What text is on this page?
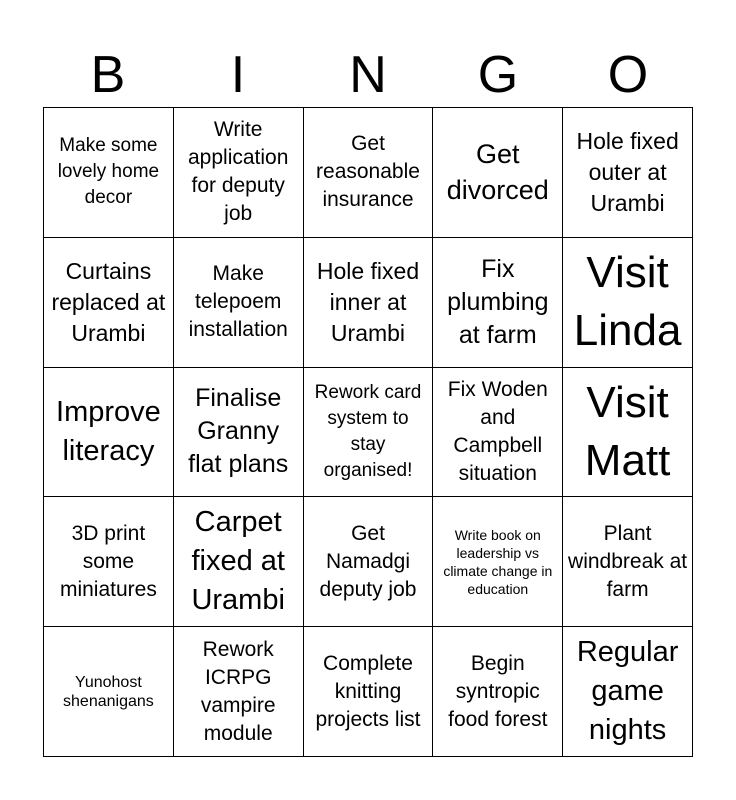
B	I	N	G	O
Make some lovely home decor
Write application for deputy job
Get reasonable insurance
Get divorced
Hole fixed outer at Urambi
Curtains replaced at Urambi
Make telepoem installation
Hole fixed inner at Urambi
Fix plumbing at farm
Visit Linda
Improve literacy
Finalise Granny flat plans
Rework card system to stay organised!
Fix Woden and Campbell situation
Visit Matt
3D print some miniatures
Carpet fixed at Urambi
Get Namadgi deputy job
Write book on leadership vs climate change in education
Plant windbreak at farm
Yunohost shenanigans
Rework ICRPG vampire module
Complete knitting projects list
Begin syntropic food forest
Regular game nights
